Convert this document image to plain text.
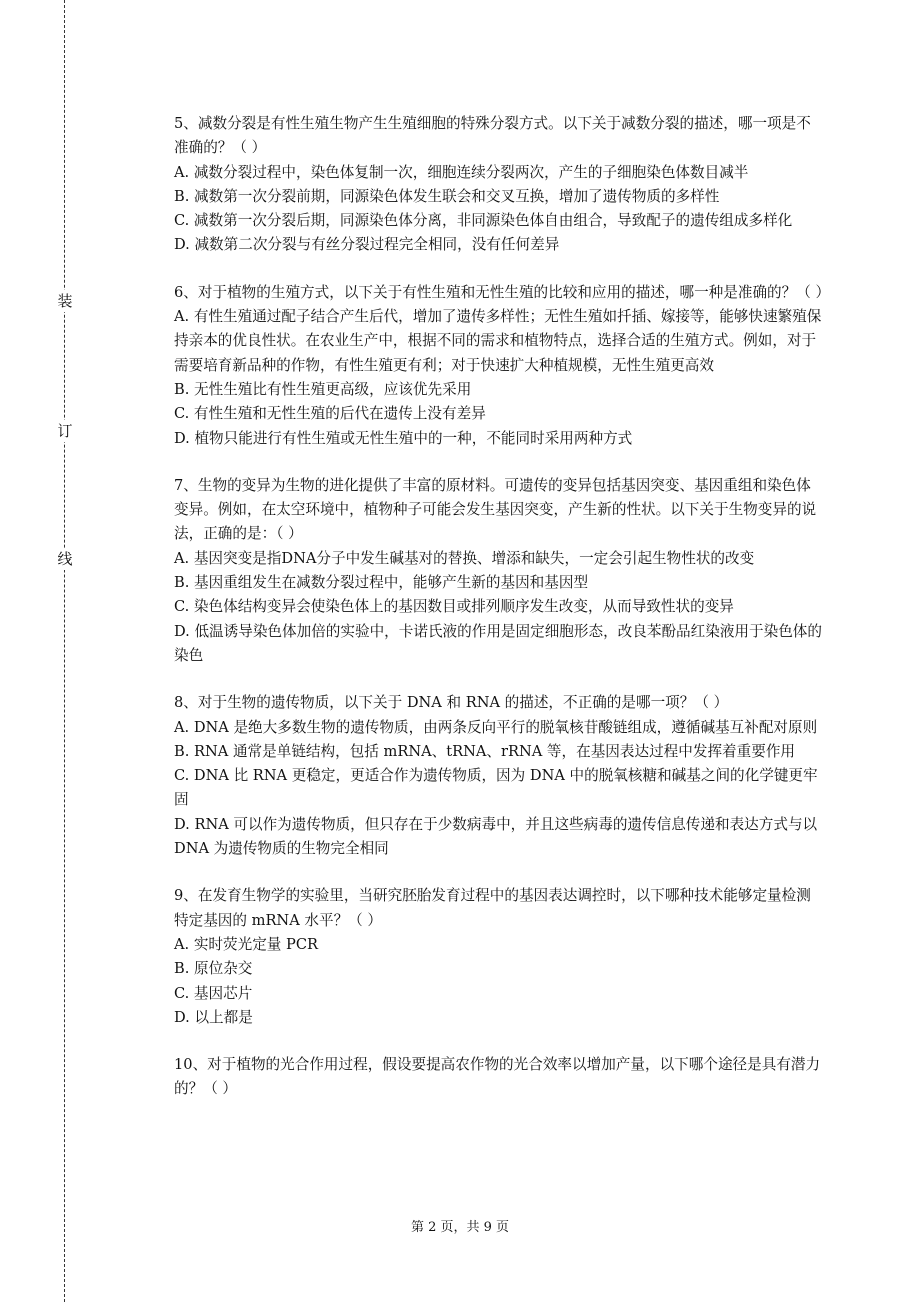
装
订
线

5、减数分裂是有性生殖生物产生生殖细胞的特殊分裂方式。以下关于减数分裂的描述，哪一项是不准确的？（ ）

A. 减数分裂过程中，染色体复制一次，细胞连续分裂两次，产生的子细胞染色体数目减半

B. 减数第一次分裂前期，同源染色体发生联会和交叉互换，增加了遗传物质的多样性

C. 减数第一次分裂后期，同源染色体分离，非同源染色体自由组合，导致配子的遗传组成多样化

D. 减数第二次分裂与有丝分裂过程完全相同，没有任何差异

6、对于植物的生殖方式，以下关于有性生殖和无性生殖的比较和应用的描述，哪一种是准确的？（ ）

A. 有性生殖通过配子结合产生后代，增加了遗传多样性；无性生殖如扦插、嫁接等，能够快速繁殖保持亲本的优良性状。在农业生产中，根据不同的需求和植物特点，选择合适的生殖方式。例如，对于需要培育新品种的作物，有性生殖更有利；对于快速扩大种植规模，无性生殖更高效

B. 无性生殖比有性生殖更高级，应该优先采用

C. 有性生殖和无性生殖的后代在遗传上没有差异

D. 植物只能进行有性生殖或无性生殖中的一种，不能同时采用两种方式

7、生物的变异为生物的进化提供了丰富的原材料。可遗传的变异包括基因突变、基因重组和染色体变异。例如，在太空环境中，植物种子可能会发生基因突变，产生新的性状。以下关于生物变异的说法，正确的是：（ ）

A. 基因突变是指DNA分子中发生碱基对的替换、增添和缺失，一定会引起生物性状的改变

B. 基因重组发生在减数分裂过程中，能够产生新的基因和基因型

C. 染色体结构变异会使染色体上的基因数目或排列顺序发生改变，从而导致性状的变异

D. 低温诱导染色体加倍的实验中，卡诺氏液的作用是固定细胞形态，改良苯酚品红染液用于染色体的染色

8、对于生物的遗传物质，以下关于 DNA 和 RNA 的描述，不正确的是哪一项？（ ）

A. DNA 是绝大多数生物的遗传物质，由两条反向平行的脱氧核苷酸链组成，遵循碱基互补配对原则

B. RNA 通常是单链结构，包括 mRNA、tRNA、rRNA 等，在基因表达过程中发挥着重要作用

C. DNA 比 RNA 更稳定，更适合作为遗传物质，因为 DNA 中的脱氧核糖和碱基之间的化学键更牢固

D. RNA 可以作为遗传物质，但只存在于少数病毒中，并且这些病毒的遗传信息传递和表达方式与以 DNA 为遗传物质的生物完全相同

9、在发育生物学的实验里，当研究胚胎发育过程中的基因表达调控时，以下哪种技术能够定量检测特定基因的 mRNA 水平？（ ）

A. 实时荧光定量 PCR

B. 原位杂交

C. 基因芯片

D. 以上都是

10、对于植物的光合作用过程，假设要提高农作物的光合效率以增加产量，以下哪个途径是具有潜力的？（ ）

第 2 页，共 9 页
